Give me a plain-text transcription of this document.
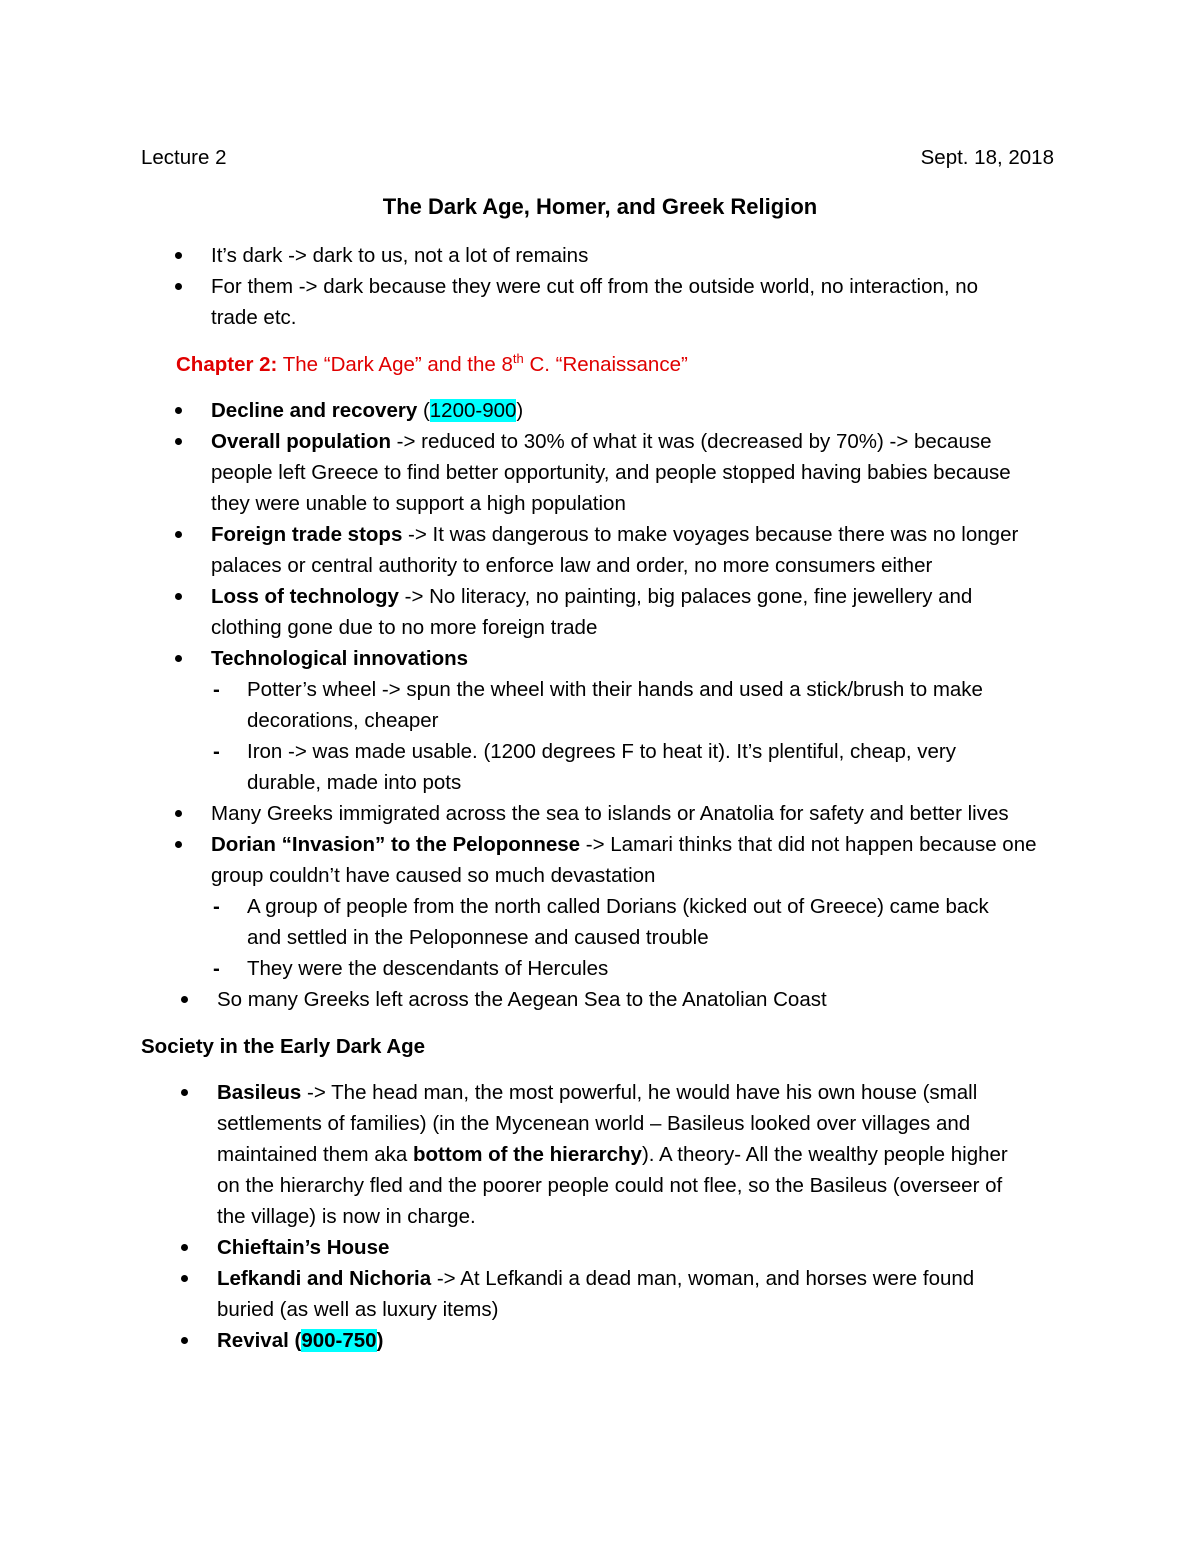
Lecture 2	Sept. 18, 2018
The Dark Age, Homer, and Greek Religion
It’s dark -> dark to us, not a lot of remains
For them -> dark because they were cut off from the outside world, no interaction, no
trade etc.
Chapter 2: The “Dark Age” and the 8th C. “Renaissance”
Decline and recovery (1200-900)
Overall population -> reduced to 30% of what it was (decreased by 70%) -> because
people left Greece to find better opportunity, and people stopped having babies because
they were unable to support a high population
Foreign trade stops -> It was dangerous to make voyages because there was no longer
palaces or central authority to enforce law and order, no more consumers either
Loss of technology -> No literacy, no painting, big palaces gone, fine jewellery and
clothing gone due to no more foreign trade
Technological innovations
- Potter’s wheel -> spun the wheel with their hands and used a stick/brush to make
decorations, cheaper
- Iron -> was made usable. (1200 degrees F to heat it). It’s plentiful, cheap, very
durable, made into pots
Many Greeks immigrated across the sea to islands or Anatolia for safety and better lives
Dorian “Invasion” to the Peloponnese -> Lamari thinks that did not happen because one
group couldn’t have caused so much devastation
- A group of people from the north called Dorians (kicked out of Greece) came back
and settled in the Peloponnese and caused trouble
- They were the descendants of Hercules
So many Greeks left across the Aegean Sea to the Anatolian Coast
Society in the Early Dark Age
Basileus -> The head man, the most powerful, he would have his own house (small
settlements of families) (in the Mycenean world – Basileus looked over villages and
maintained them aka bottom of the hierarchy). A theory- All the wealthy people higher
on the hierarchy fled and the poorer people could not flee, so the Basileus (overseer of
the village) is now in charge.
Chieftain’s House
Lefkandi and Nichoria -> At Lefkandi a dead man, woman, and horses were found
buried (as well as luxury items)
Revival (900-750)
